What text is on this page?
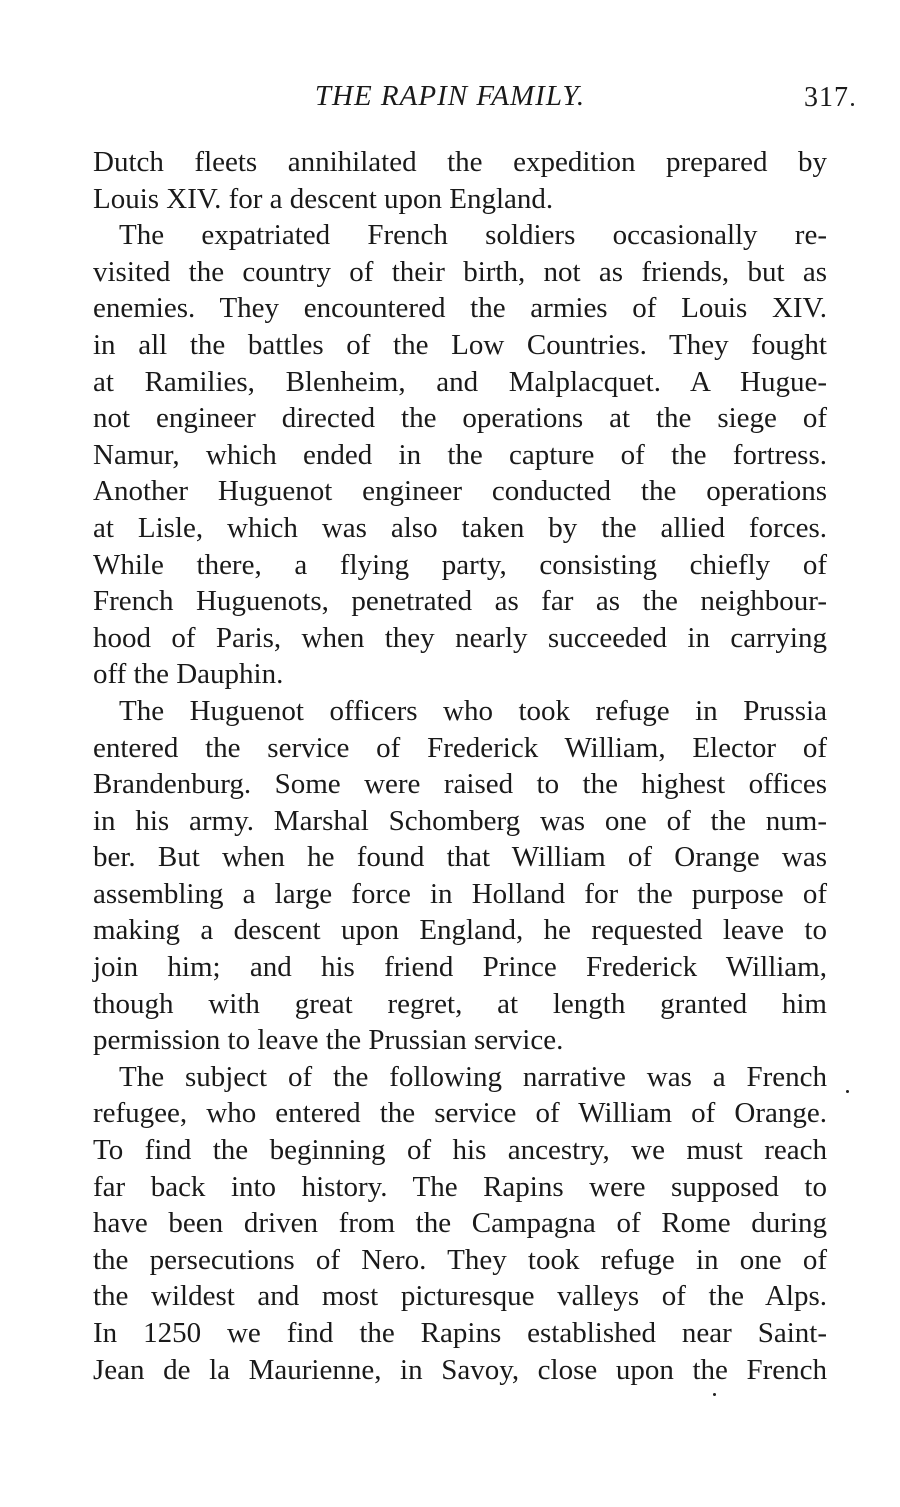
THE RAPIN FAMILY.	317
Dutch fleets annihilated the expedition prepared by
Louis XIV. for a descent upon England.
The expatriated French soldiers occasionally re-
visited the country of their birth, not as friends, but as
enemies. They encountered the armies of Louis XIV.
in all the battles of the Low Countries. They fought
at Ramilies, Blenheim, and Malplacquet. A Hugue-
not engineer directed the operations at the siege of
Namur, which ended in the capture of the fortress.
Another Huguenot engineer conducted the operations
at Lisle, which was also taken by the allied forces.
While there, a flying party, consisting chiefly of
French Huguenots, penetrated as far as the neighbour-
hood of Paris, when they nearly succeeded in carrying
off the Dauphin.
The Huguenot officers who took refuge in Prussia
entered the service of Frederick William, Elector of
Brandenburg. Some were raised to the highest offices
in his army. Marshal Schomberg was one of the num-
ber. But when he found that William of Orange was
assembling a large force in Holland for the purpose of
making a descent upon England, he requested leave to
join him; and his friend Prince Frederick William,
though with great regret, at length granted him
permission to leave the Prussian service.
The subject of the following narrative was a French
refugee, who entered the service of William of Orange.
To find the beginning of his ancestry, we must reach
far back into history. The Rapins were supposed to
have been driven from the Campagna of Rome during
the persecutions of Nero. They took refuge in one of
the wildest and most picturesque valleys of the Alps.
In 1250 we find the Rapins established near Saint-
Jean de la Maurienne, in Savoy, close upon the French
